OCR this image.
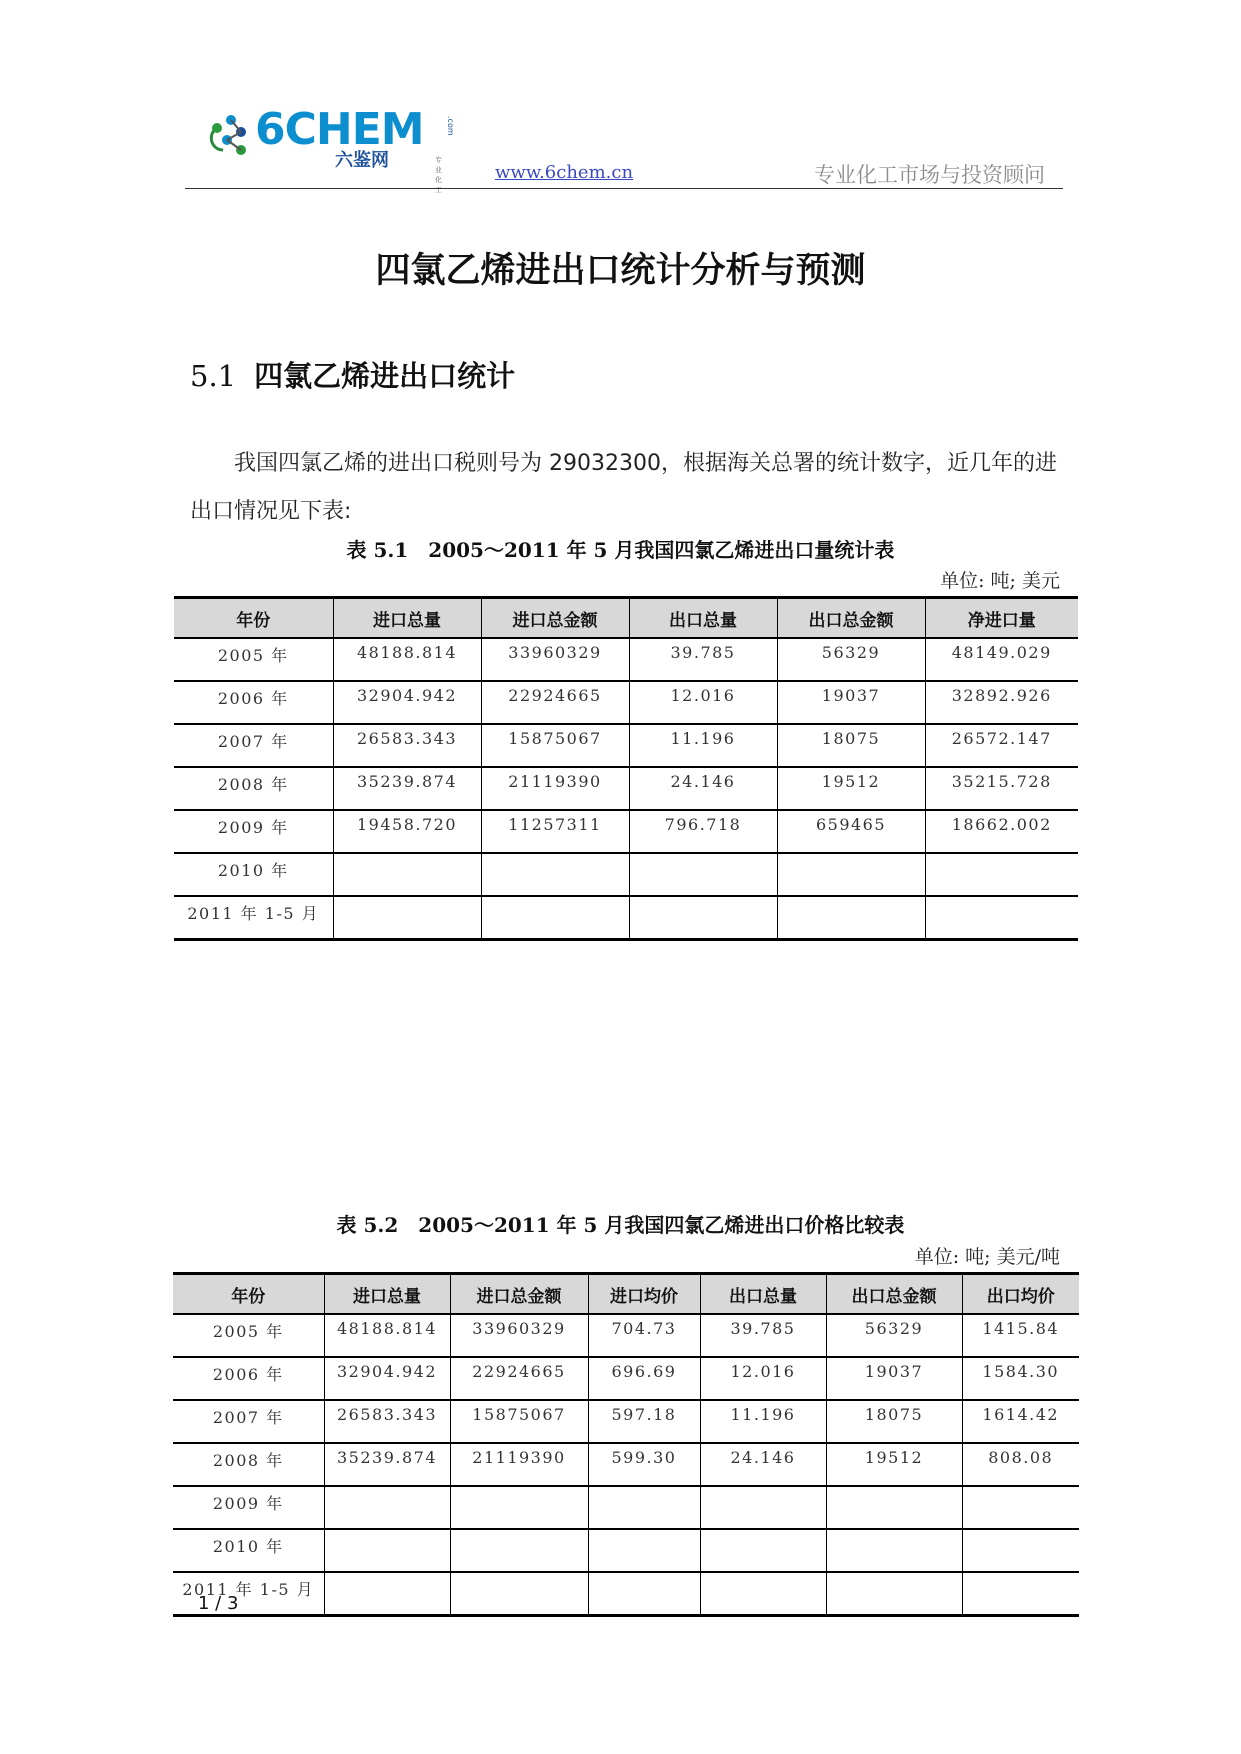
6CHEM
六鉴网	专业化工
.com
www.6chem.cn	专业化工市场与投资顾问
四氯乙烯进出口统计分析与预测
5.1 四氯乙烯进出口统计
我国四氯乙烯的进出口税则号为 29032300，根据海关总署的统计数字，近几年的进出口情况见下表:
表 5.1　2005～2011 年 5 月我国四氯乙烯进出口量统计表
单位: 吨; 美元
年份	进口总量	进口总金额	出口总量	出口总金额	净进口量
2005 年	48188.814	33960329	39.785	56329	48149.029
2006 年	32904.942	22924665	12.016	19037	32892.926
2007 年	26583.343	15875067	11.196	18075	26572.147
2008 年	35239.874	21119390	24.146	19512	35215.728
2009 年	19458.720	11257311	796.718	659465	18662.002
2010 年					
2011 年 1-5 月					
表 5.2　2005～2011 年 5 月我国四氯乙烯进出口价格比较表
单位: 吨; 美元/吨
年份	进口总量	进口总金额	进口均价	出口总量	出口总金额	出口均价
2005 年	48188.814	33960329	704.73	39.785	56329	1415.84
2006 年	32904.942	22924665	696.69	12.016	19037	1584.30
2007 年	26583.343	15875067	597.18	11.196	18075	1614.42
2008 年	35239.874	21119390	599.30	24.146	19512	808.08
2009 年						
2010 年						
2011 年 1-5 月						
1 / 3
